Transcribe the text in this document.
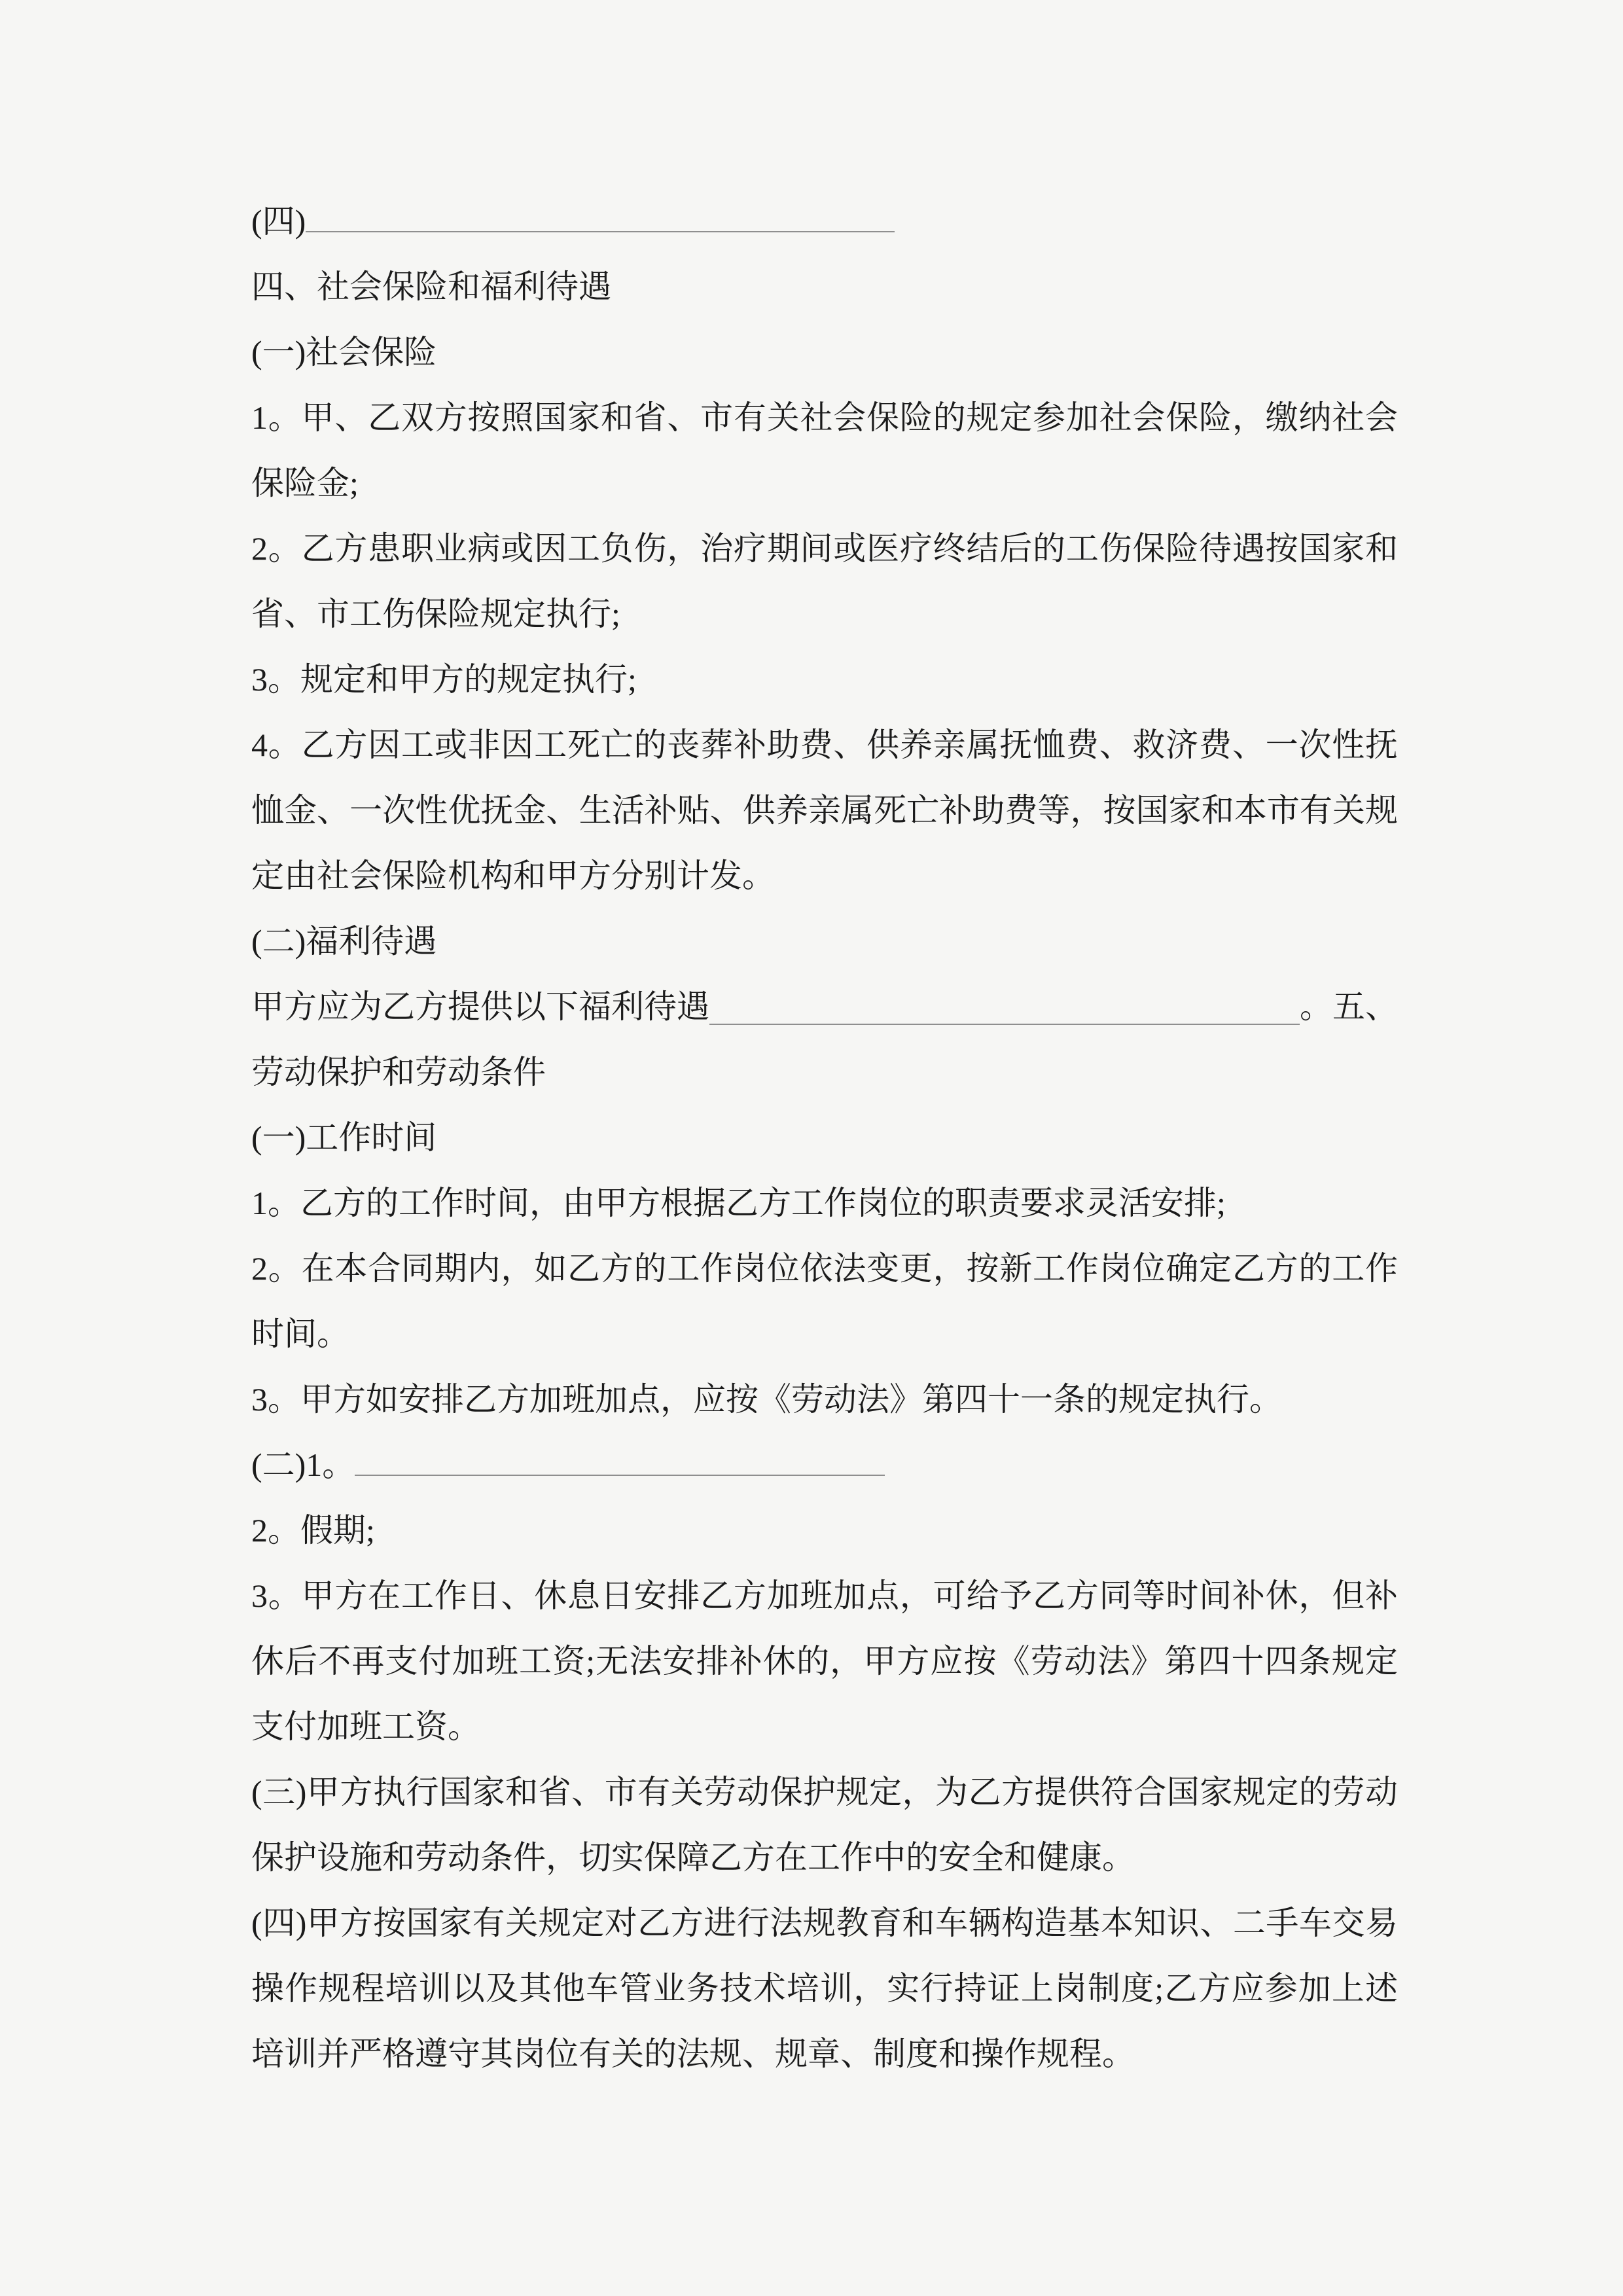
(四)
四、社会保险和福利待遇
(一)社会保险
1。甲、乙双方按照国家和省、市有关社会保险的规定参加社会保险，缴纳社会
保险金;
2。乙方患职业病或因工负伤，治疗期间或医疗终结后的工伤保险待遇按国家和
省、市工伤保险规定执行;
3。规定和甲方的规定执行;
4。乙方因工或非因工死亡的丧葬补助费、供养亲属抚恤费、救济费、一次性抚
恤金、一次性优抚金、生活补贴、供养亲属死亡补助费等，按国家和本市有关规
定由社会保险机构和甲方分别计发。
(二)福利待遇
甲方应为乙方提供以下福利待遇	。五、
劳动保护和劳动条件
(一)工作时间
1。乙方的工作时间，由甲方根据乙方工作岗位的职责要求灵活安排;
2。在本合同期内，如乙方的工作岗位依法变更，按新工作岗位确定乙方的工作
时间。
3。甲方如安排乙方加班加点，应按《劳动法》第四十一条的规定执行。
(二)1。
2。假期;
3。甲方在工作日、休息日安排乙方加班加点，可给予乙方同等时间补休，但补
休后不再支付加班工资;无法安排补休的，甲方应按《劳动法》第四十四条规定
支付加班工资。
(三)甲方执行国家和省、市有关劳动保护规定，为乙方提供符合国家规定的劳动
保护设施和劳动条件，切实保障乙方在工作中的安全和健康。
(四)甲方按国家有关规定对乙方进行法规教育和车辆构造基本知识、二手车交易
操作规程培训以及其他车管业务技术培训，实行持证上岗制度;乙方应参加上述
培训并严格遵守其岗位有关的法规、规章、制度和操作规程。
